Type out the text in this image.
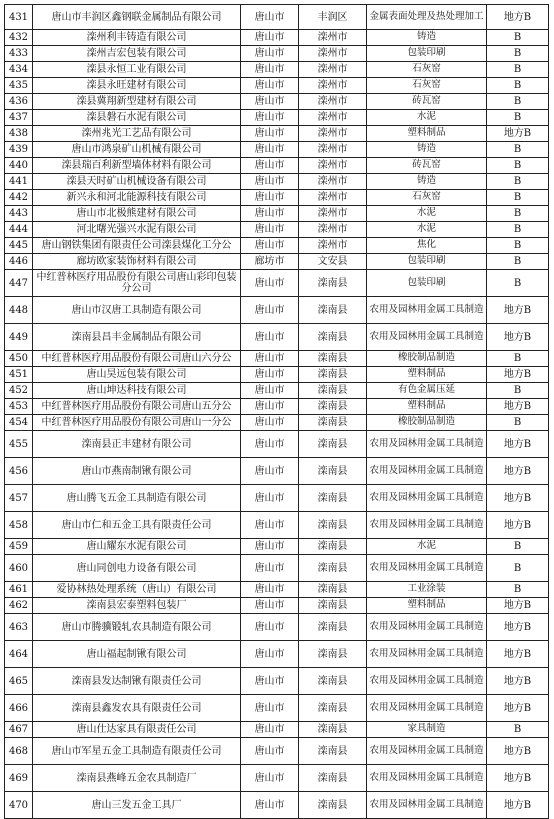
431	唐山市丰润区鑫钢联金属制品有限公司	唐山市	丰润区	金属表面处理及热处理加工	地方B
432	滦州利丰铸造有限公司	唐山市	滦州市	铸造	B
433	滦州吉宏包装有限公司	唐山市	滦州市	包装印刷	B
434	滦县永恒工业有限公司	唐山市	滦州市	石灰窑	B
435	滦县永旺建材有限公司	唐山市	滦州市	石灰窑	B
436	滦县冀翔新型建材有限公司	唐山市	滦州市	砖瓦窑	B
437	滦县磐石水泥有限公司	唐山市	滦州市	水泥	B
438	滦州兆光工艺品有限公司	唐山市	滦州市	塑料制品	地方B
439	唐山市鸿泉矿山机械有限公司	唐山市	滦州市	铸造	B
440	滦县瑞百利新型墙体材料有限公司	唐山市	滦州市	砖瓦窑	B
441	滦县天时矿山机械设备有限公司	唐山市	滦州市	铸造	B
442	新兴永和河北能源科技有限公司	唐山市	滦州市	石灰窑	B
443	唐山市北极熊建材有限公司	唐山市	滦州市	水泥	B
444	河北曙光强兴水泥有限公司	唐山市	滦州市	水泥	B
445	唐山钢铁集团有限责任公司滦县煤化工分公	唐山市	滦州市	焦化	B
446	廊坊欧家装饰材料有限公司	廊坊市	文安县	包装印刷	B
447	中红普林医疗用品股份有限公司唐山彩印包装分公司	唐山市	滦南县	包装印刷	B
448	唐山市汉唐工具制造有限公司	唐山市	滦南县	农用及园林用金属工具制造	地方B
449	滦南县昌丰金属制品有限公司	唐山市	滦南县	农用及园林用金属工具制造	地方B
450	中红普林医疗用品股份有限公司唐山六分公	唐山市	滦南县	橡胶制品制造	B
451	唐山昊远包装有限公司	唐山市	滦南县	塑料制品	地方B
452	唐山坤达科技有限公司	唐山市	滦南县	有色金属压延	B
453	中红普林医疗用品股份有限公司唐山五分公	唐山市	滦南县	塑料制品	地方B
454	中红普林医疗用品股份有限公司唐山一分公	唐山市	滦南县	橡胶制品制造	B
455	滦南县正丰建材有限公司	唐山市	滦南县	农用及园林用金属工具制造	地方B
456	唐山市燕南制锹有限公司	唐山市	滦南县	农用及园林用金属工具制造	地方B
457	唐山腾飞五金工具制造有限公司	唐山市	滦南县	农用及园林用金属工具制造	地方B
458	唐山市仁和五金工具有限责任公司	唐山市	滦南县	农用及园林用金属工具制造	地方B
459	唐山耀东水泥有限公司	唐山市	滦南县	水泥	B
460	唐山同创电力设备有限公司	唐山市	滦南县	农用及园林用金属工具制造	B
461	爱协林热处理系统（唐山）有限公司	唐山市	滦南县	工业涂装	B
462	滦南县宏泰塑料包装厂	唐山市	滦南县	塑料制品	地方B
463	唐山市腾骥锻轧农具制造有限公司	唐山市	滦南县	农用及园林用金属工具制造	地方B
464	唐山福起制锹有限公司	唐山市	滦南县	农用及园林用金属工具制造	地方B
465	滦南县发达制锹有限责任公司	唐山市	滦南县	农用及园林用金属工具制造	地方B
466	滦南县鑫发农具有限责任公司	唐山市	滦南县	农用及园林用金属工具制造	地方B
467	唐山仕达家具有限责任公司	唐山市	滦南县	家具制造	B
468	唐山市军星五金工具制造有限责任公司	唐山市	滦南县	农用及园林用金属工具制造	地方B
469	滦南县燕峰五金农具制造厂	唐山市	滦南县	农用及园林用金属工具制造	地方B
470	唐山三发五金工具厂	唐山市	滦南县	农用及园林用金属工具制造	地方B
